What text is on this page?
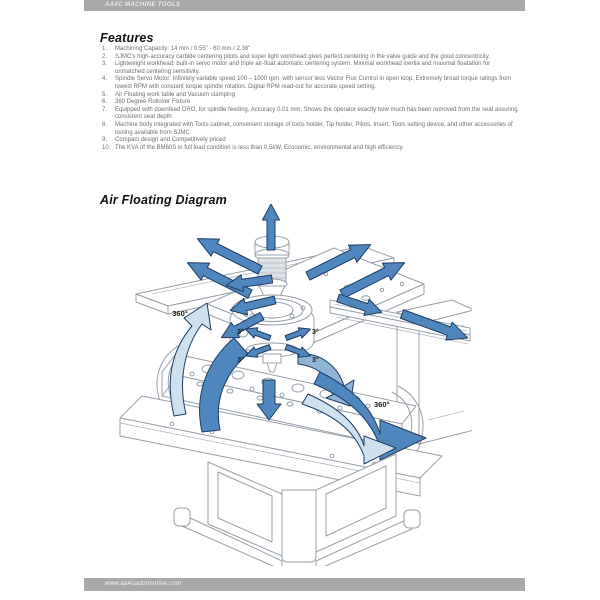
AA4C MACHINE TOOLS
Features
1.	Machining Capacity: 14 mm / 0.55" - 60 mm / 2.36"
2.	SJMC's high-accuracy carbide centering pilots and super light workhead gives perfect centering in the valve guide and the good concentricity.
3.	Lightweight workhead: built-in servo motor and triple air-float automatic centering system. Minimal workhead inertia and maximal floatation for unmatched centering sensitivity.
4.	Spindle Servo Motor: Infinitely variable speed 100 – 1000 rpm, with sensor less Vector Flux Control in open loop. Extremely broad torque ratings from lowest RPM with constant torque spindle rotation. Digital RPM read-out for accurate speed setting.
5.	Air Floating work table and Vacuum clamping
6.	360 Degree Rollover Fixture
7.	Equipped with downfeed DRO, for spindle feeding. Accuracy 0.01 mm, Shows the operator exactly how much has been removed from the seat assuring consistent seat depth
8.	Machine body integrated with Tools cabinet, convenient storage of tools holder, Tip holder, Pilots, Insert, Tools setting device, and other accessories of tooling available from SJMC
9.	Compact design and Competitively priced
10. The KVA of the BM60S in full load condition is less than 0.5kW, Economic, environmental and high efficiency.
Air Floating Diagram
360°
360°
3°	3°
3°	3°
www.aa4cautomotive.com
